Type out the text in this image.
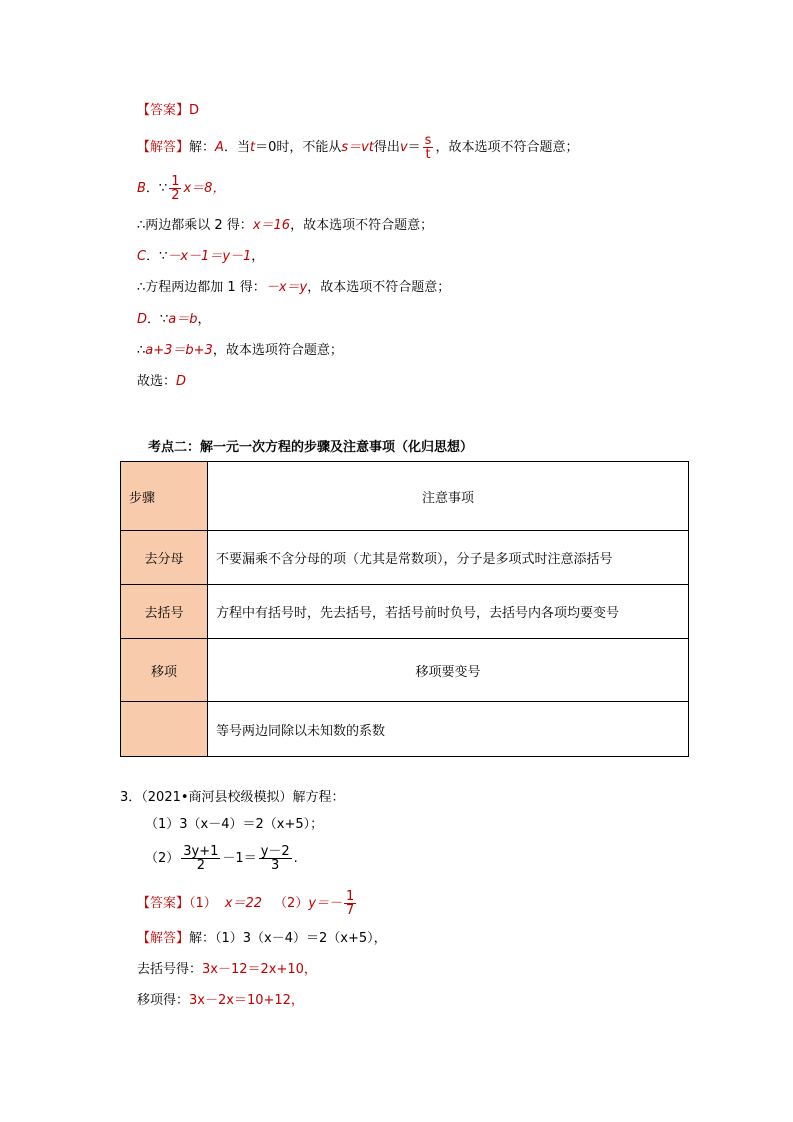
【答案】D
【解答】解：A．当t＝0时，不能从s＝vt得出$v= \frac{s}{t}$ ，故本选项不符合题意；
B．∵ $\frac{1}{2} x=8$，
∴两边都乘以 2 得：x＝16，故本选项不符合题意；
C．∵－x－1＝y－1，
∴方程两边都加 1 得：－x＝y，故本选项不符合题意；
D．∵a＝b，
∴a+3＝b+3，故本选项符合题意；
故选：D
考点二：解一元一次方程的步骤及注意事项（化归思想）
步骤	注意事项
去分母	不要漏乘不含分母的项（尤其是常数项），分子是多项式时注意添括号
去括号	方程中有括号时，先去括号，若括号前时负号，去括号内各项均要变号
移项	移项要变号
	等号两边同除以未知数的系数
3．（2021•商河县校级模拟）解方程：
（1）3（x－4）＝2（x+5）；
$(2) \frac{3y+1}{2} -1= \frac{y-2}{3}$ .
【答案】（1） x＝22 $(2)y=- \frac{1}{7}$
【解答】解：（1）3（x－4）＝2（x+5），
去括号得：3x－12＝2x+10，
移项得：3x－2x＝10+12，
